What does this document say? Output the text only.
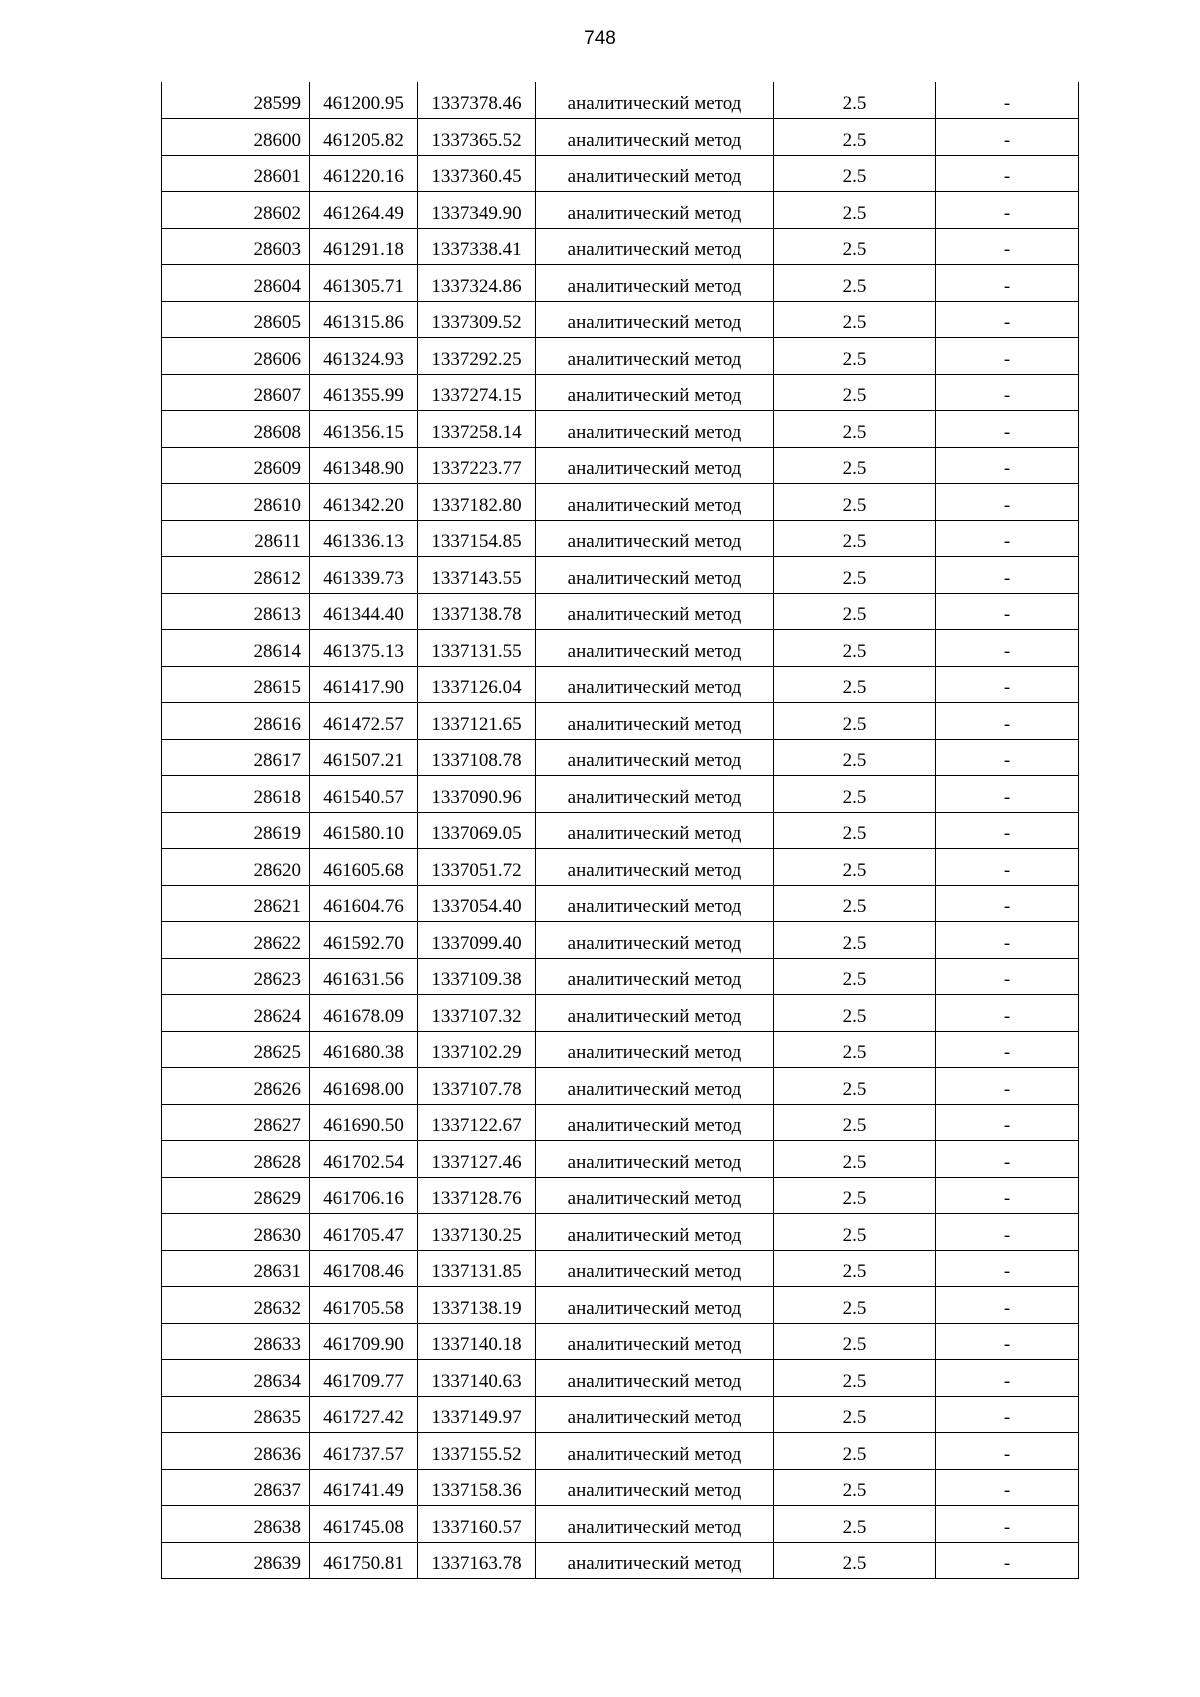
748
28599	461200.95	1337378.46	аналитический метод	2.5	-
28600	461205.82	1337365.52	аналитический метод	2.5	-
28601	461220.16	1337360.45	аналитический метод	2.5	-
28602	461264.49	1337349.90	аналитический метод	2.5	-
28603	461291.18	1337338.41	аналитический метод	2.5	-
28604	461305.71	1337324.86	аналитический метод	2.5	-
28605	461315.86	1337309.52	аналитический метод	2.5	-
28606	461324.93	1337292.25	аналитический метод	2.5	-
28607	461355.99	1337274.15	аналитический метод	2.5	-
28608	461356.15	1337258.14	аналитический метод	2.5	-
28609	461348.90	1337223.77	аналитический метод	2.5	-
28610	461342.20	1337182.80	аналитический метод	2.5	-
28611	461336.13	1337154.85	аналитический метод	2.5	-
28612	461339.73	1337143.55	аналитический метод	2.5	-
28613	461344.40	1337138.78	аналитический метод	2.5	-
28614	461375.13	1337131.55	аналитический метод	2.5	-
28615	461417.90	1337126.04	аналитический метод	2.5	-
28616	461472.57	1337121.65	аналитический метод	2.5	-
28617	461507.21	1337108.78	аналитический метод	2.5	-
28618	461540.57	1337090.96	аналитический метод	2.5	-
28619	461580.10	1337069.05	аналитический метод	2.5	-
28620	461605.68	1337051.72	аналитический метод	2.5	-
28621	461604.76	1337054.40	аналитический метод	2.5	-
28622	461592.70	1337099.40	аналитический метод	2.5	-
28623	461631.56	1337109.38	аналитический метод	2.5	-
28624	461678.09	1337107.32	аналитический метод	2.5	-
28625	461680.38	1337102.29	аналитический метод	2.5	-
28626	461698.00	1337107.78	аналитический метод	2.5	-
28627	461690.50	1337122.67	аналитический метод	2.5	-
28628	461702.54	1337127.46	аналитический метод	2.5	-
28629	461706.16	1337128.76	аналитический метод	2.5	-
28630	461705.47	1337130.25	аналитический метод	2.5	-
28631	461708.46	1337131.85	аналитический метод	2.5	-
28632	461705.58	1337138.19	аналитический метод	2.5	-
28633	461709.90	1337140.18	аналитический метод	2.5	-
28634	461709.77	1337140.63	аналитический метод	2.5	-
28635	461727.42	1337149.97	аналитический метод	2.5	-
28636	461737.57	1337155.52	аналитический метод	2.5	-
28637	461741.49	1337158.36	аналитический метод	2.5	-
28638	461745.08	1337160.57	аналитический метод	2.5	-
28639	461750.81	1337163.78	аналитический метод	2.5	-
